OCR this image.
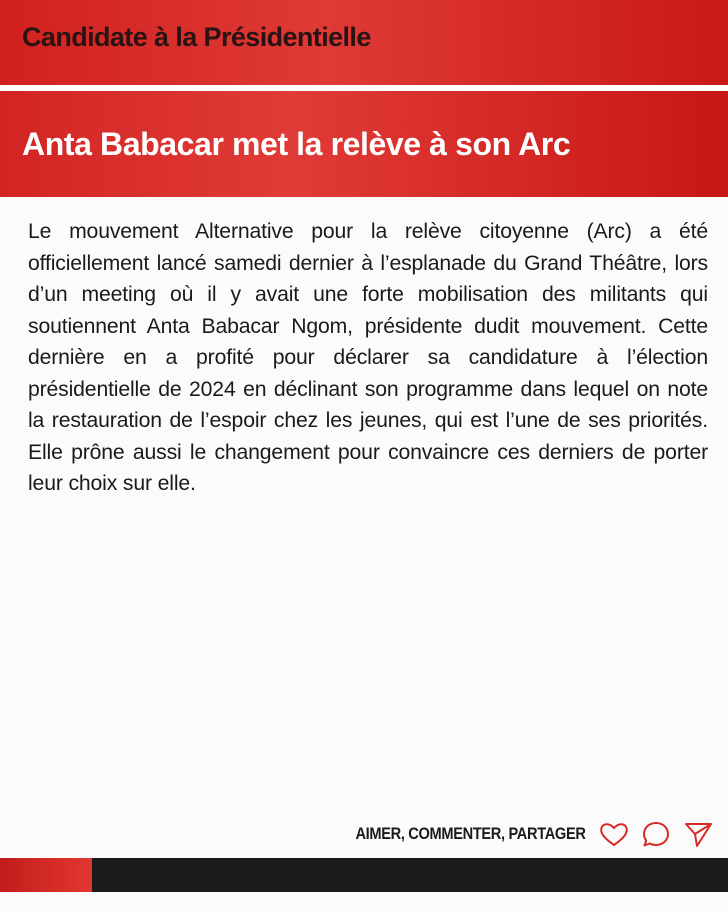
Candidate à la Présidentielle
Anta Babacar met la relève à son Arc
Le mouvement Alternative pour la relève citoyenne (Arc) a été officiellement lancé samedi dernier à l’esplanade du Grand Théâtre, lors d’un meeting où il y avait une forte mobilisation des militants qui soutiennent Anta Babacar Ngom, présidente dudit mouvement. Cette dernière en a profité pour déclarer sa candidature à l’élection présidentielle de 2024 en déclinant son programme dans lequel on note la restauration de l’espoir chez les jeunes, qui est l’une de ses priorités. Elle prône aussi le changement pour convaincre ces derniers de porter leur choix sur elle.
AIMER, COMMENTER, PARTAGER
